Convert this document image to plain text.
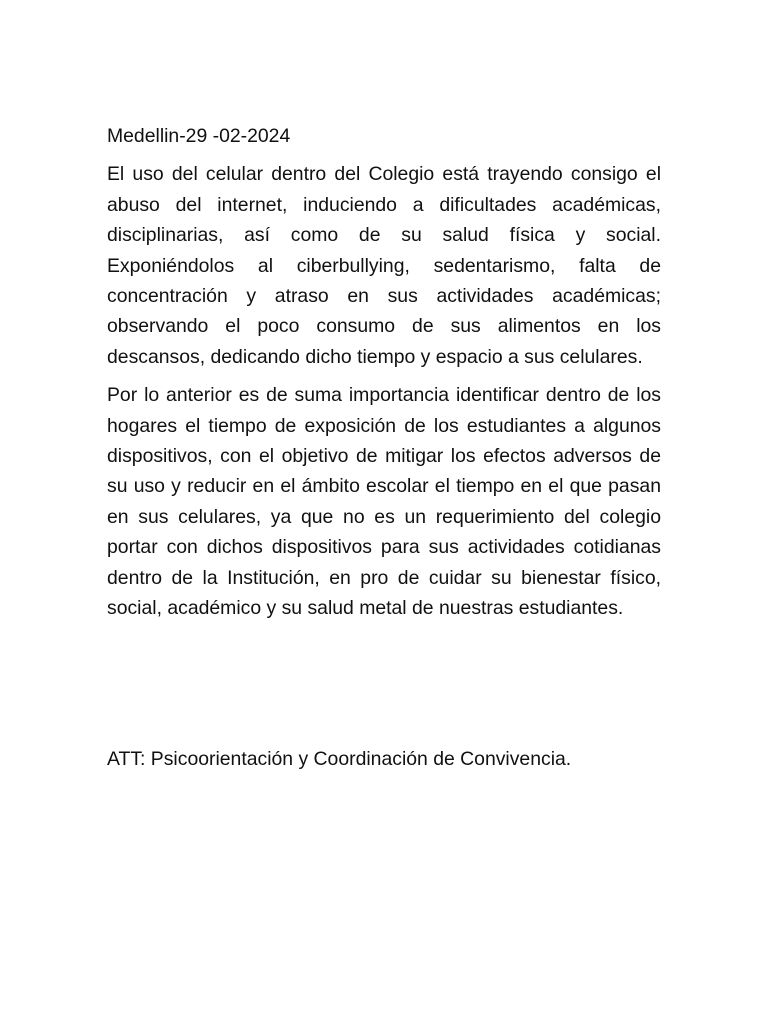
Medellin-29 -02-2024

El uso del celular dentro del Colegio está trayendo consigo el abuso del internet, induciendo a dificultades académicas, disciplinarias, así como de su salud física y social. Exponiéndolos al ciberbullying, sedentarismo, falta de concentración y atraso en sus actividades académicas; observando el poco consumo de sus alimentos en los descansos, dedicando dicho tiempo y espacio a sus celulares.

Por lo anterior es de suma importancia identificar dentro de los hogares el tiempo de exposición de los estudiantes a algunos dispositivos, con el objetivo de mitigar los efectos adversos de su uso y reducir en el ámbito escolar el tiempo en el que pasan en sus celulares, ya que no es un requerimiento del colegio portar con dichos dispositivos para sus actividades cotidianas dentro de la Institución, en pro de cuidar su bienestar físico, social, académico y su salud metal de nuestras estudiantes.

ATT: Psicoorientación y Coordinación de Convivencia.
